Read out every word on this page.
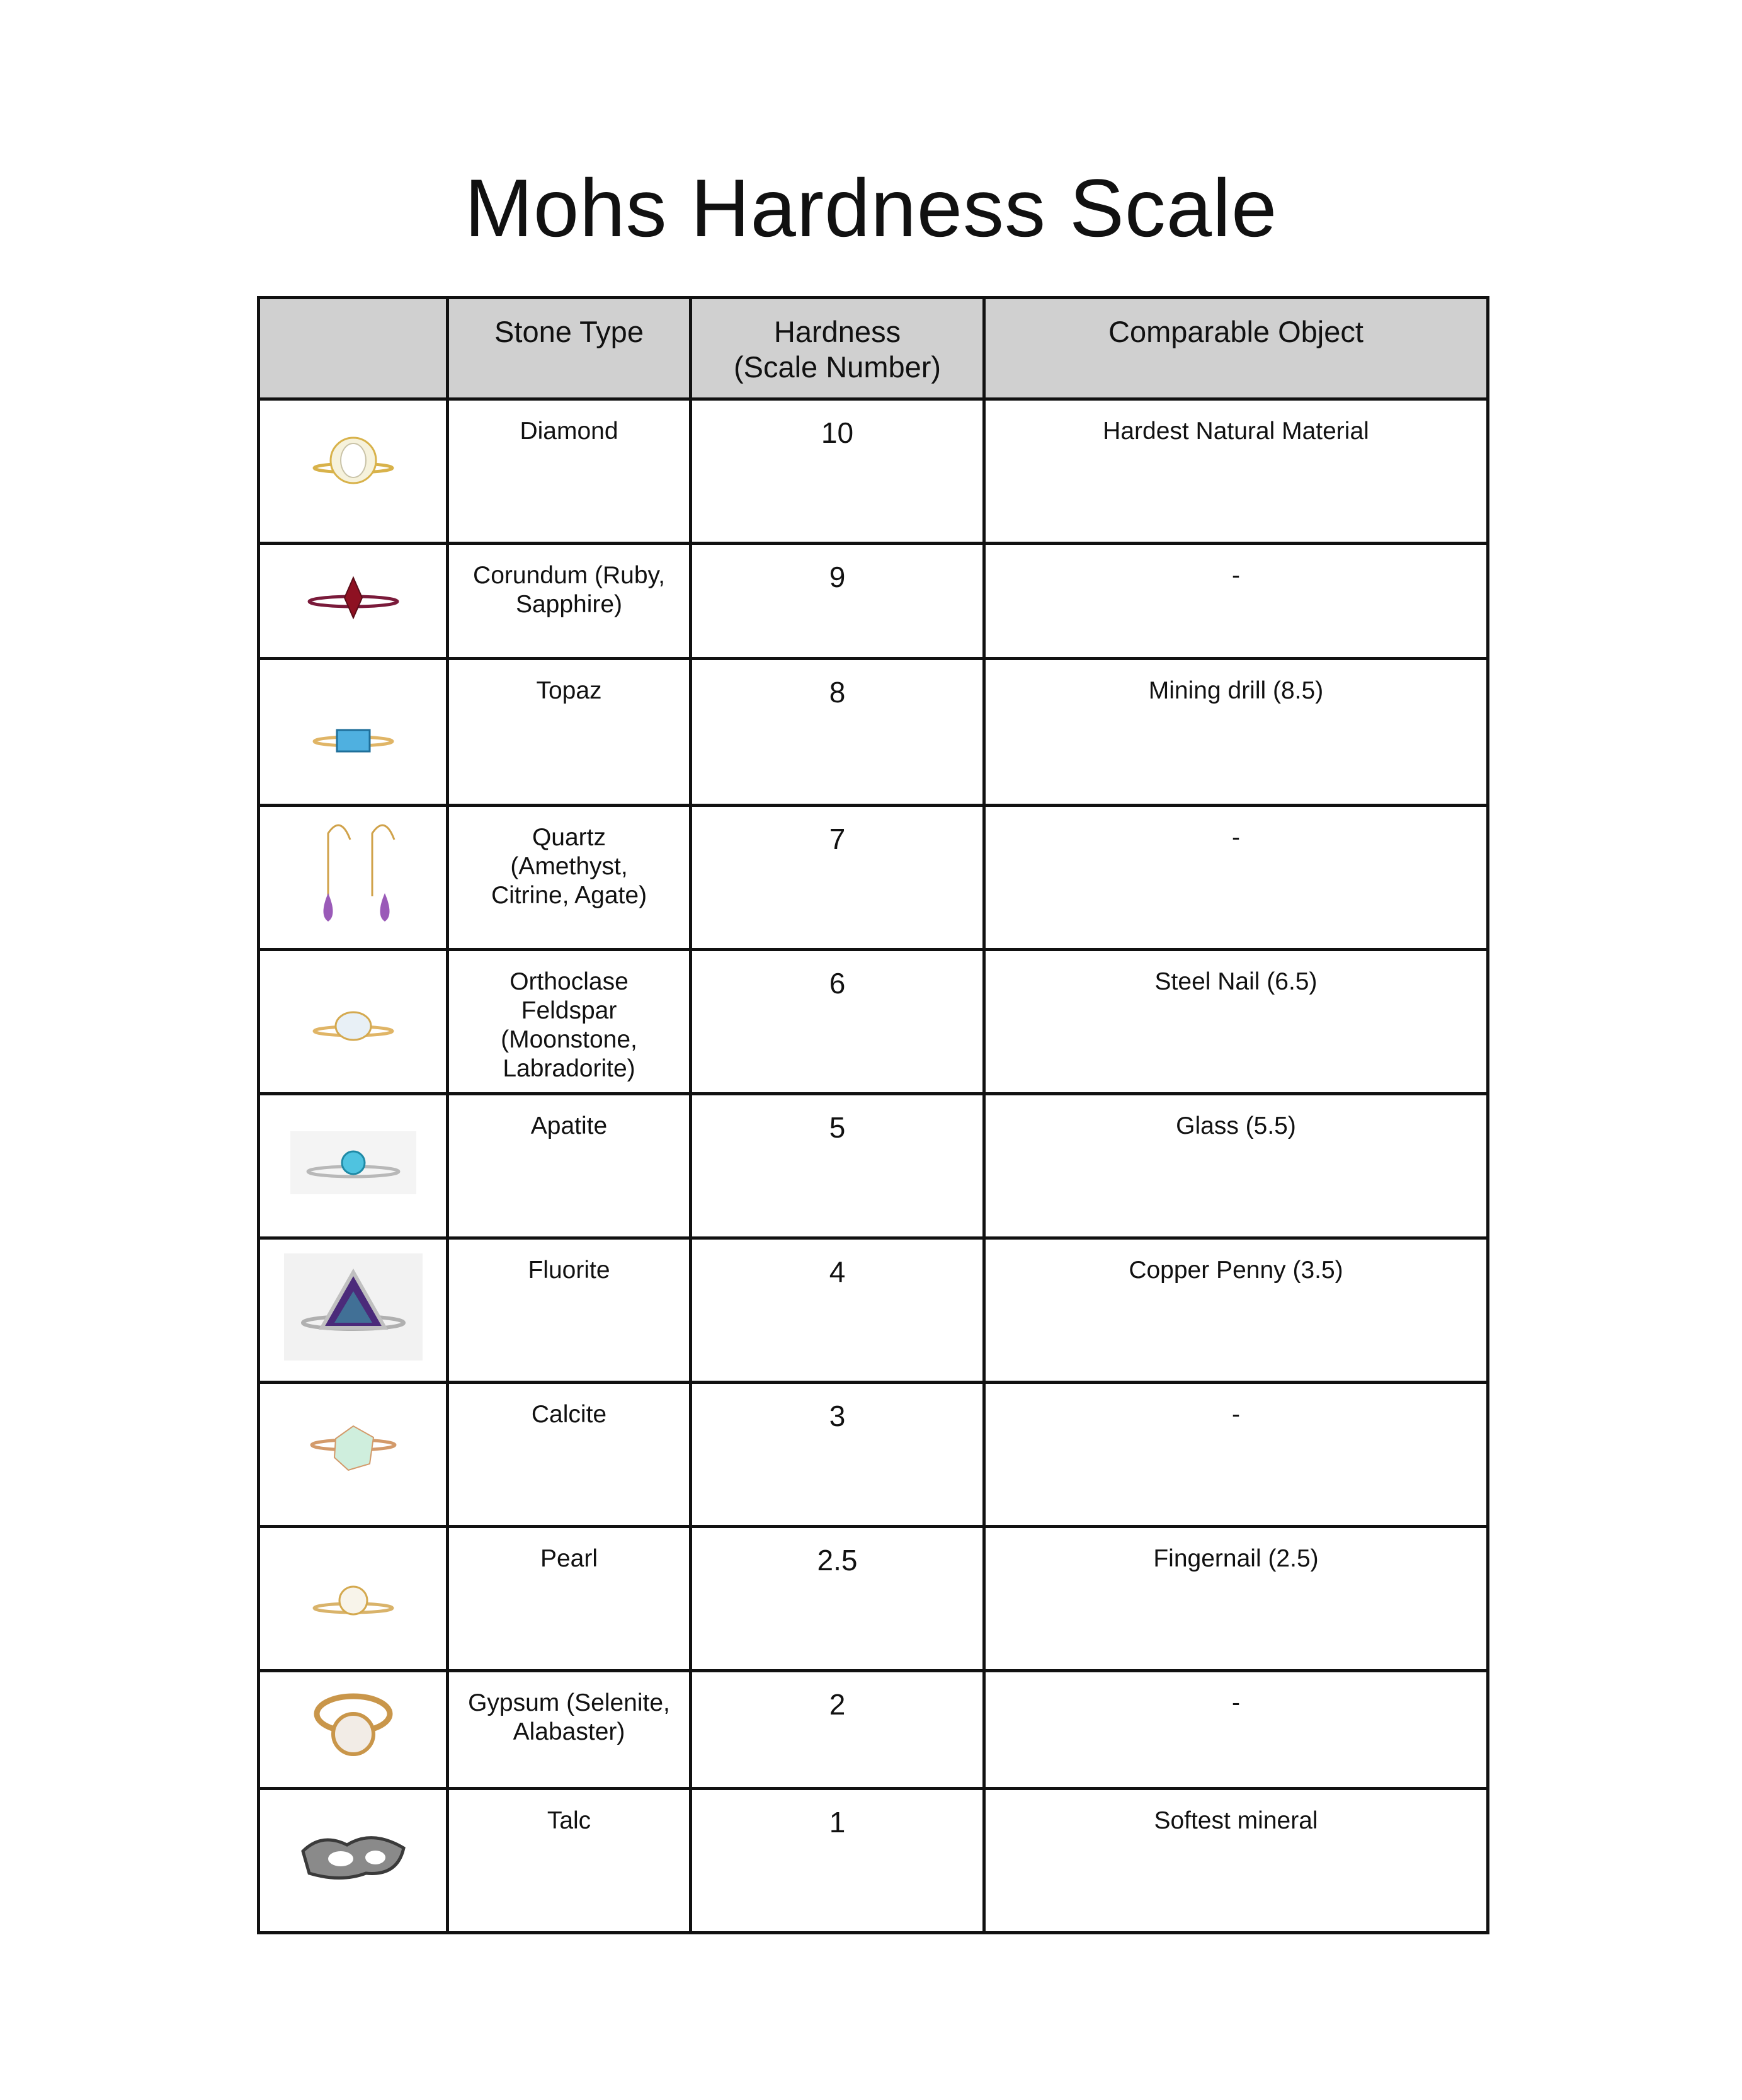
Mohs Hardness Scale
	Stone Type	Hardness
(Scale Number)	Comparable Object

	Diamond	10	Hardest Natural Material

	Corundum (Ruby,
Sapphire)	9	-

	Topaz	8	Mining drill (8.5)

	Quartz
(Amethyst,
Citrine, Agate)	7	-

	Orthoclase
Feldspar
(Moonstone,
Labradorite)	6	Steel Nail (6.5)

	Apatite	5	Glass (5.5)

	Fluorite	4	Copper Penny (3.5)

	Calcite	3	-

	Pearl	2.5	Fingernail (2.5)

	Gypsum (Selenite,
Alabaster)	2	-

	Talc	1	Softest mineral
